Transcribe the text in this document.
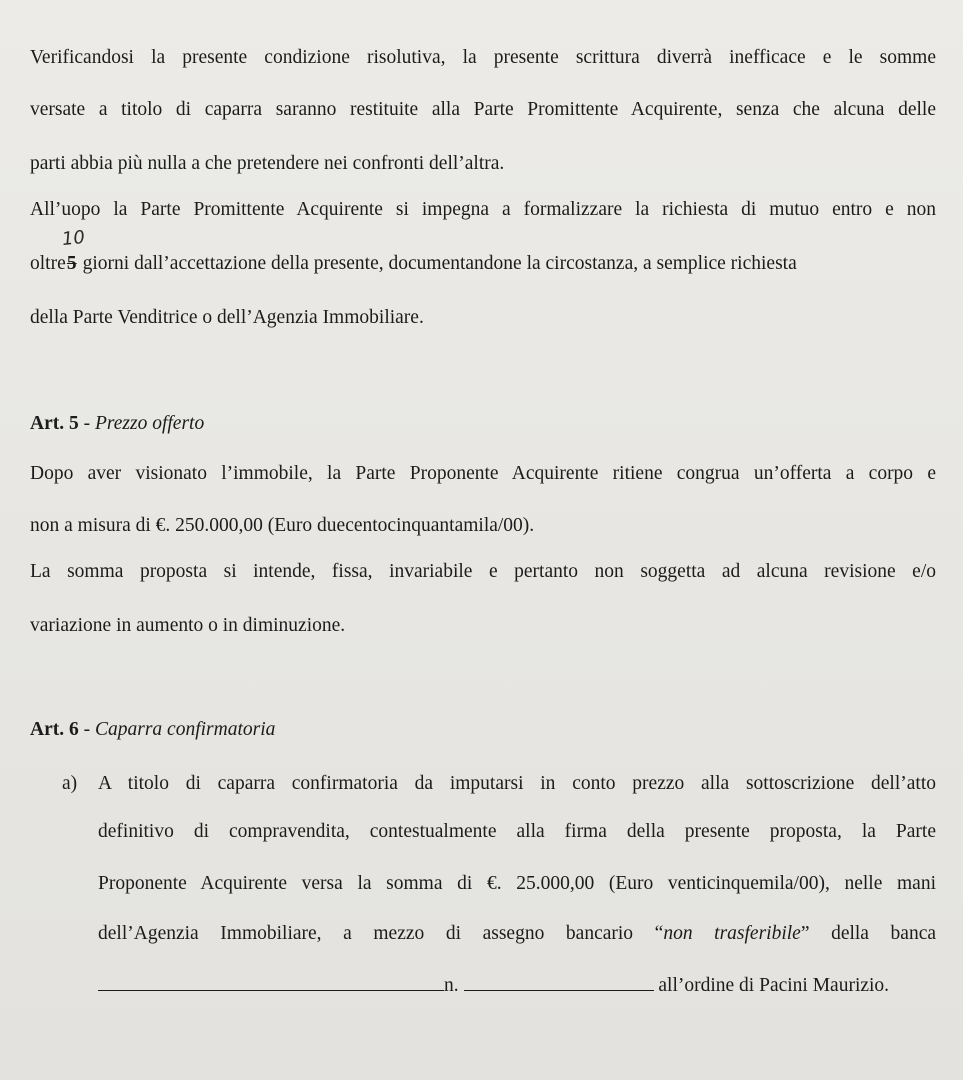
Verificandosi la presente condizione risolutiva, la presente scrittura diverrà inefficace e le somme

versate a titolo di caparra saranno restituite alla Parte Promittente Acquirente, senza che alcuna delle

parti abbia più nulla a che pretendere nei confronti dell’altra.

All’uopo la Parte Promittente Acquirente si impegna a formalizzare la richiesta di mutuo entro e non

10

oltre5 giorni dall’accettazione della presente, documentandone la circostanza, a semplice richiesta

della Parte Venditrice o dell’Agenzia Immobiliare.

Art. 5 - Prezzo offerto

Dopo aver visionato l’immobile, la Parte Proponente Acquirente ritiene congrua un’offerta a corpo e

non a misura di €. 250.000,00 (Euro duecentocinquantamila/00).

La somma proposta si intende, fissa, invariabile e pertanto non soggetta ad alcuna revisione e/o

variazione in aumento o in diminuzione.

Art. 6 - Caparra confirmatoria

a) A titolo di caparra confirmatoria da imputarsi in conto prezzo alla sottoscrizione dell’atto

definitivo di compravendita, contestualmente alla firma della presente proposta, la Parte

Proponente Acquirente versa la somma di €. 25.000,00 (Euro venticinquemila/00), nelle mani

dell’Agenzia Immobiliare, a mezzo di assegno bancario “non trasferibile” della banca

n.	all’ordine di Pacini Maurizio.
